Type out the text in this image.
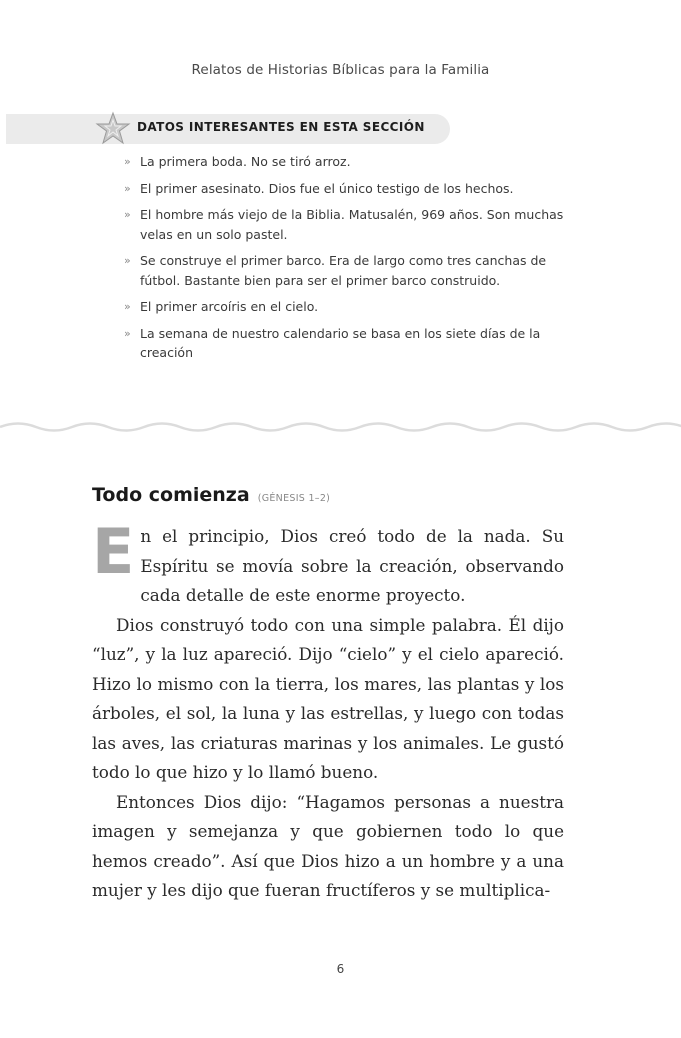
Relatos de Historias Bíblicas para la Familia
DATOS INTERESANTES EN ESTA SECCIÓN
» La primera boda. No se tiró arroz.
» El primer asesinato. Dios fue el único testigo de los hechos.
» El hombre más viejo de la Biblia. Matusalén, 969 años. Son muchas velas en un solo pastel.
» Se construye el primer barco. Era de largo como tres canchas de fútbol. Bastante bien para ser el primer barco construido.
» El primer arcoíris en el cielo.
» La semana de nuestro calendario se basa en los siete días de la creación
Todo comienza (GÉNESIS 1–2)
E n el principio, Dios creó todo de la nada. Su Espíritu se movía sobre la creación, observando cada detalle de este enorme proyecto.

Dios construyó todo con una simple palabra. Él dijo “luz”, y la luz apareció. Dijo “cielo” y el cielo apareció. Hizo lo mismo con la tierra, los mares, las plantas y los árboles, el sol, la luna y las estrellas, y luego con todas las aves, las criaturas marinas y los animales. Le gustó todo lo que hizo y lo llamó bueno.

Entonces Dios dijo: “Hagamos personas a nuestra imagen y semejanza y que gobiernen todo lo que hemos creado”. Así que Dios hizo a un hombre y a una mujer y les dijo que fueran fructíferos y se multiplica-

6
